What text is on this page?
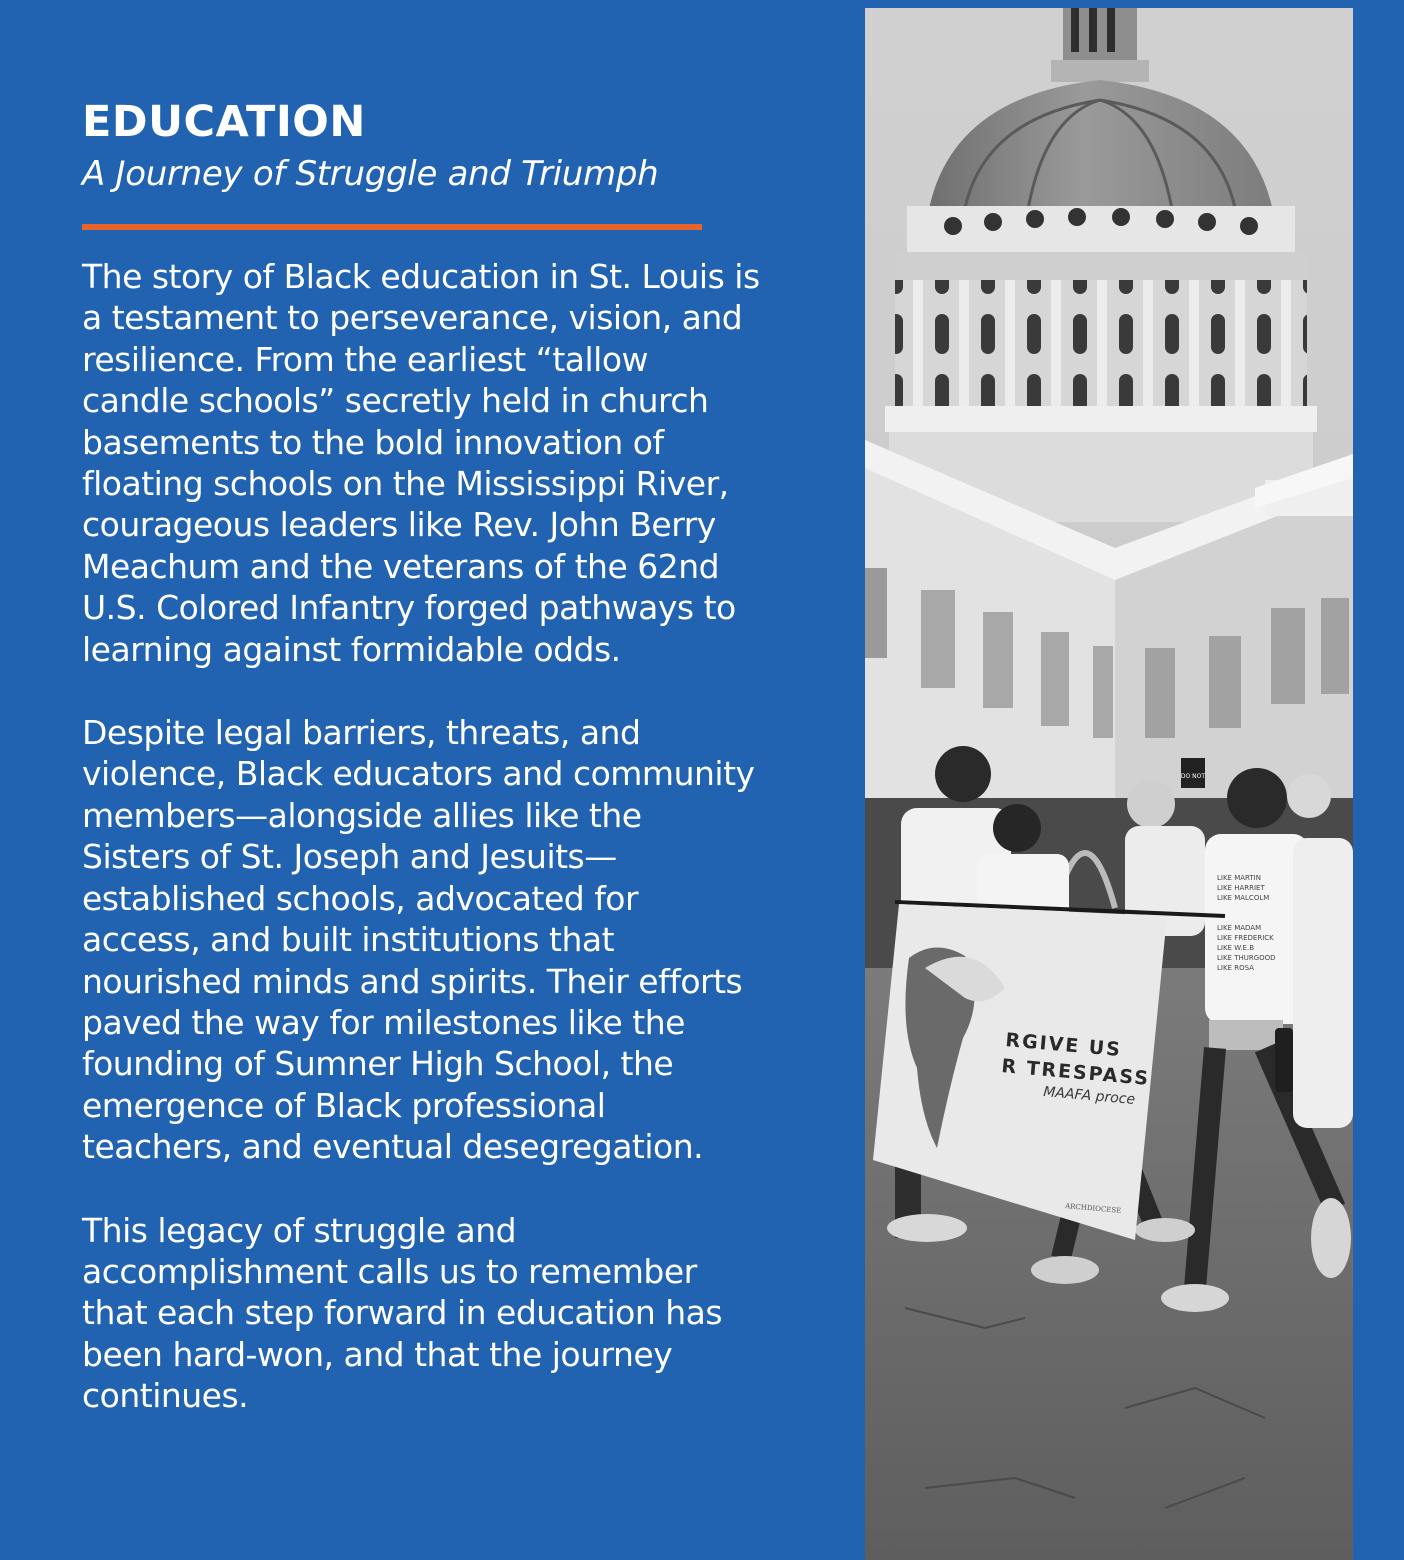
EDUCATION

A Journey of Struggle and Triumph

The story of Black education in St. Louis is
a testament to perseverance, vision, and
resilience. From the earliest “tallow
candle schools” secretly held in church
basements to the bold innovation of
floating schools on the Mississippi River,
courageous leaders like Rev. John Berry
Meachum and the veterans of the 62nd
U.S. Colored Infantry forged pathways to
learning against formidable odds.

Despite legal barriers, threats, and
violence, Black educators and community
members—alongside allies like the
Sisters of St. Joseph and Jesuits—
established schools, advocated for
access, and built institutions that
nourished minds and spirits. Their efforts
paved the way for milestones like the
founding of Sumner High School, the
emergence of Black professional
teachers, and eventual desegregation.

This legacy of struggle and
accomplishment calls us to remember
that each step forward in education has
been hard-won, and that the journey
continues.

DO NOT
LIKE MARTIN
LIKE HARRIET
LIKE MALCOLM
LIKE MADAM
LIKE FREDERICK
LIKE W.E.B
LIKE THURGOOD
LIKE ROSA
RGIVE US
R TRESPASS
MAAFA proce
ARCHDIOCESE
